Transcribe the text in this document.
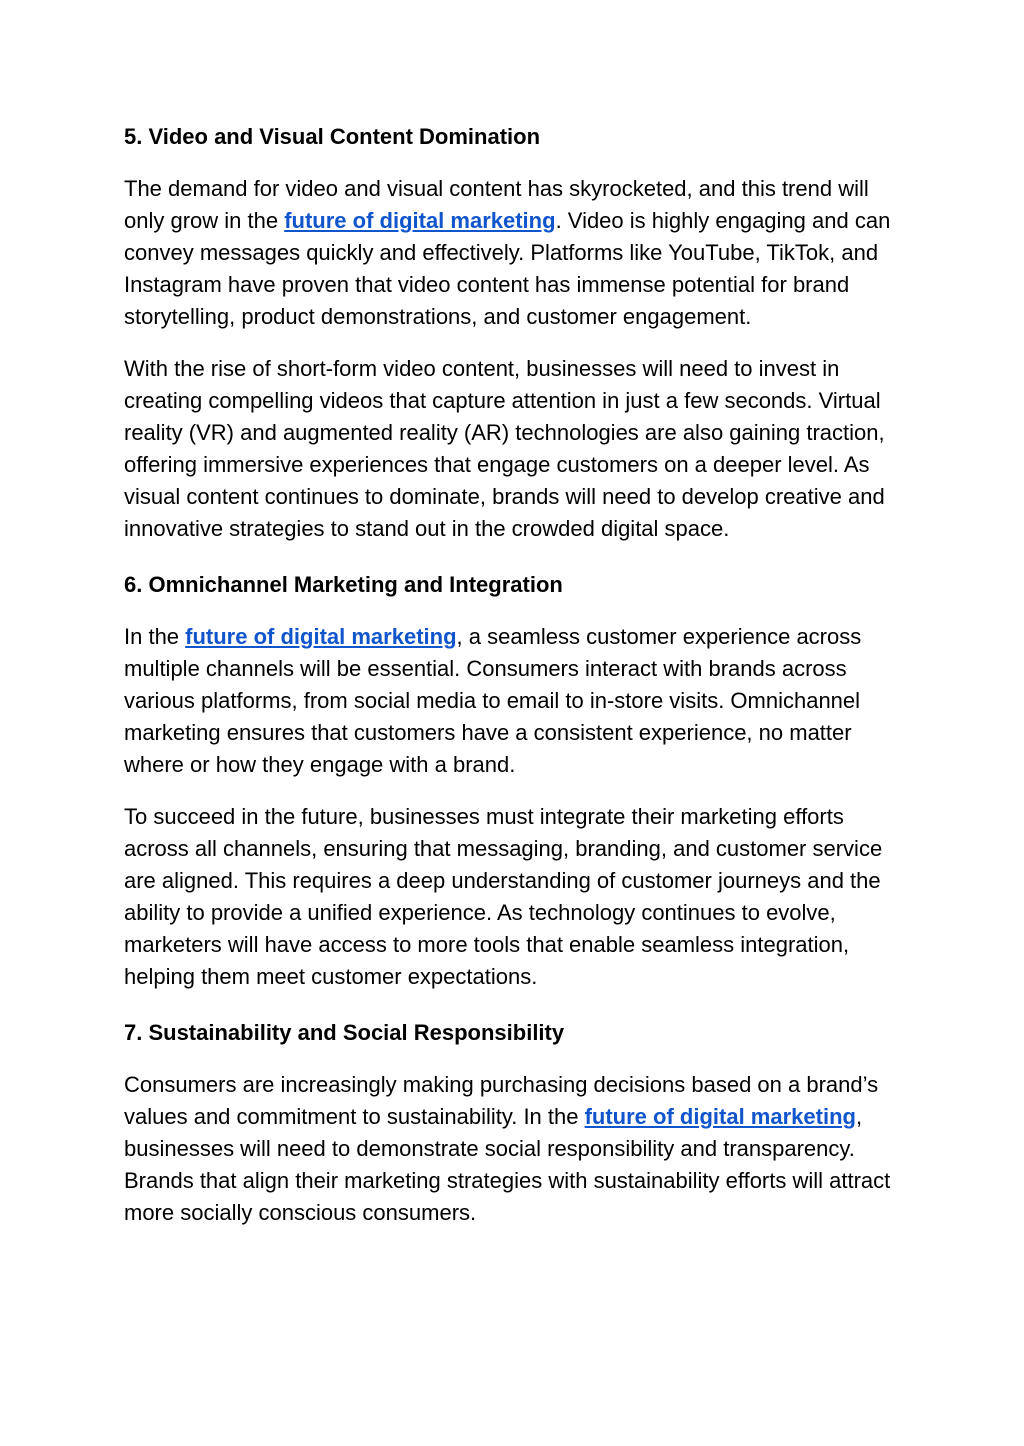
5. Video and Visual Content Domination

The demand for video and visual content has skyrocketed, and this trend will only grow in the future of digital marketing. Video is highly engaging and can convey messages quickly and effectively. Platforms like YouTube, TikTok, and Instagram have proven that video content has immense potential for brand storytelling, product demonstrations, and customer engagement.

With the rise of short-form video content, businesses will need to invest in creating compelling videos that capture attention in just a few seconds. Virtual reality (VR) and augmented reality (AR) technologies are also gaining traction, offering immersive experiences that engage customers on a deeper level. As visual content continues to dominate, brands will need to develop creative and innovative strategies to stand out in the crowded digital space.

6. Omnichannel Marketing and Integration

In the future of digital marketing, a seamless customer experience across multiple channels will be essential. Consumers interact with brands across various platforms, from social media to email to in-store visits. Omnichannel marketing ensures that customers have a consistent experience, no matter where or how they engage with a brand.

To succeed in the future, businesses must integrate their marketing efforts across all channels, ensuring that messaging, branding, and customer service are aligned. This requires a deep understanding of customer journeys and the ability to provide a unified experience. As technology continues to evolve, marketers will have access to more tools that enable seamless integration, helping them meet customer expectations.

7. Sustainability and Social Responsibility

Consumers are increasingly making purchasing decisions based on a brand’s values and commitment to sustainability. In the future of digital marketing, businesses will need to demonstrate social responsibility and transparency. Brands that align their marketing strategies with sustainability efforts will attract more socially conscious consumers.
